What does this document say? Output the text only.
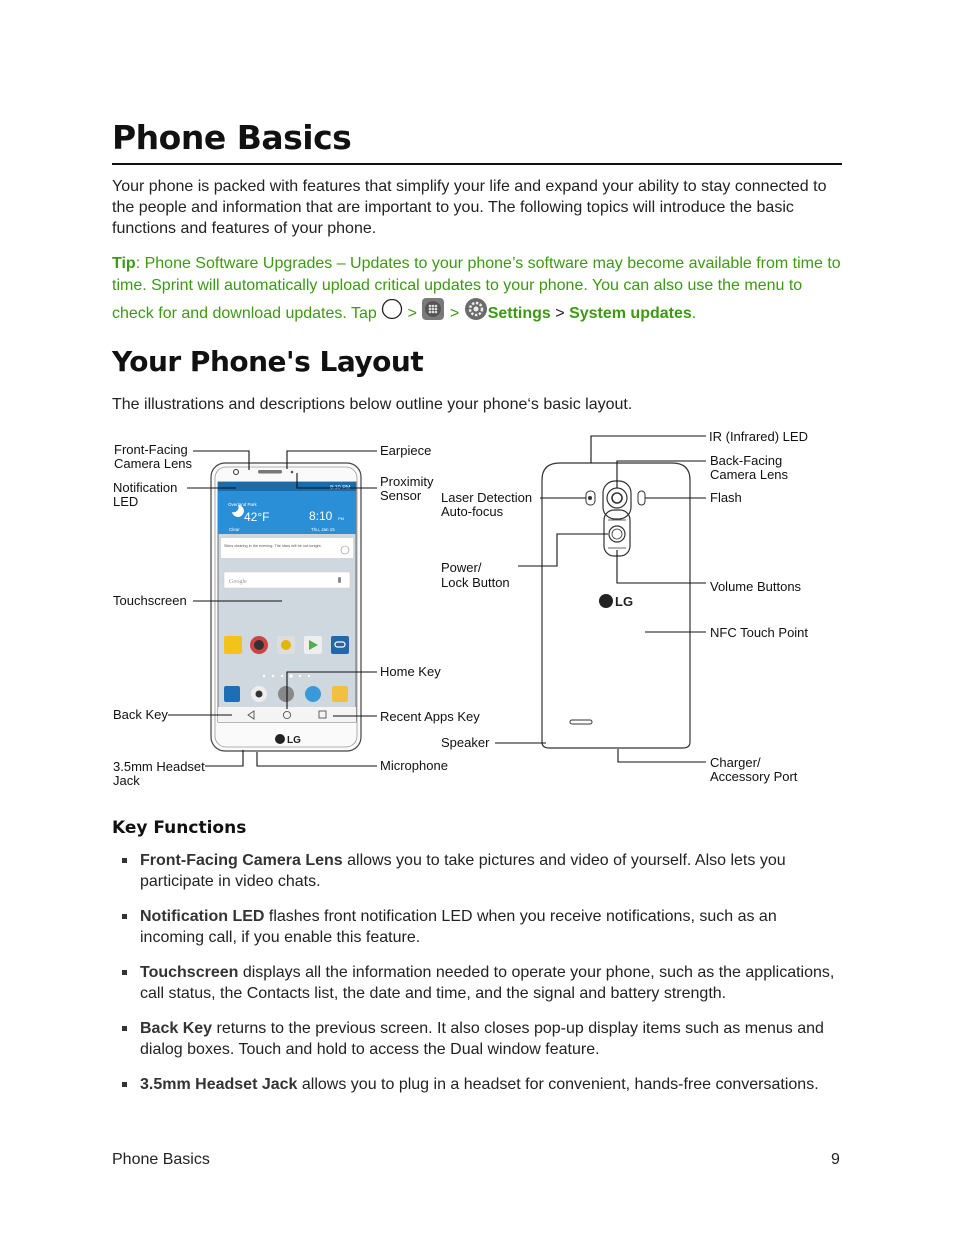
Phone Basics
Your phone is packed with features that simplify your life and expand your ability to stay connected to the people and information that are important to you. The following topics will introduce the basic functions and features of your phone.
Tip: Phone Software Upgrades – Updates to your phone’s software may become available from time to time. Sprint will automatically upload critical updates to your phone. You can also use the menu to check for and download updates. Tap  >  > Settings > System updates.
Your Phone's Layout
The illustrations and descriptions below outline your phone‘s basic layout.
8:10 PM
Overland Park
42°F
Clear
8:10 PM
Thu, Jan 15
Skies clearing in the evening. The stars will be out tonight.
Google
LG
Front-Facing
Camera Lens
Notification
LED
Touchscreen
Back Key
3.5mm Headset
Jack
Earpiece
Proximity
Sensor
Home Key
Recent Apps Key
Microphone
LG
Laser Detection
Auto-focus
Power/
Lock Button
Speaker
IR (Infrared) LED
Back-Facing
Camera Lens
Flash
Volume Buttons
NFC Touch Point
Charger/
Accessory Port
Key Functions
Front-Facing Camera Lens allows you to take pictures and video of yourself. Also lets you participate in video chats.
Notification LED flashes front notification LED when you receive notifications, such as an incoming call, if you enable this feature.
Touchscreen displays all the information needed to operate your phone, such as the applications, call status, the Contacts list, the date and time, and the signal and battery strength.
Back Key returns to the previous screen. It also closes pop-up display items such as menus and dialog boxes. Touch and hold to access the Dual window feature.
3.5mm Headset Jack allows you to plug in a headset for convenient, hands-free conversations.
Phone Basics	9
